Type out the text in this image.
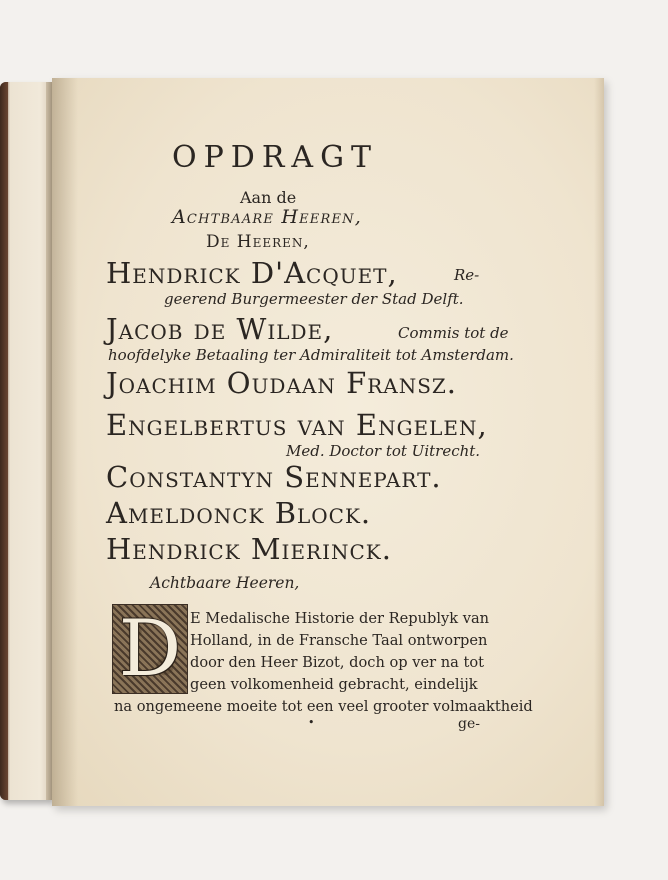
OPDRAGT
Aan de
Achtbaare Heeren,
De Heeren,
Hendrick D'Acquet,	Re-
geerend Burgermeester der Stad Delft.
Jacob de Wilde,	Commis tot de
hoofdelyke Betaaling ter Admiraliteit tot Amsterdam.
Joachim Oudaan Fransz.
Engelbertus van Engelen,
Med. Doctor tot Uitrecht.
Constantyn Sennepart.
Ameldonck Block.
Hendrick Mierinck.
Achtbaare Heeren,
D E Medalische Historie der Republyk van
Holland, in de Fransche Taal ontworpen
door den Heer Bizot, doch op ver na tot
geen volkomenheid gebracht, eindelijk
na ongemeene moeite tot een veel grooter volmaaktheid
•	ge-
